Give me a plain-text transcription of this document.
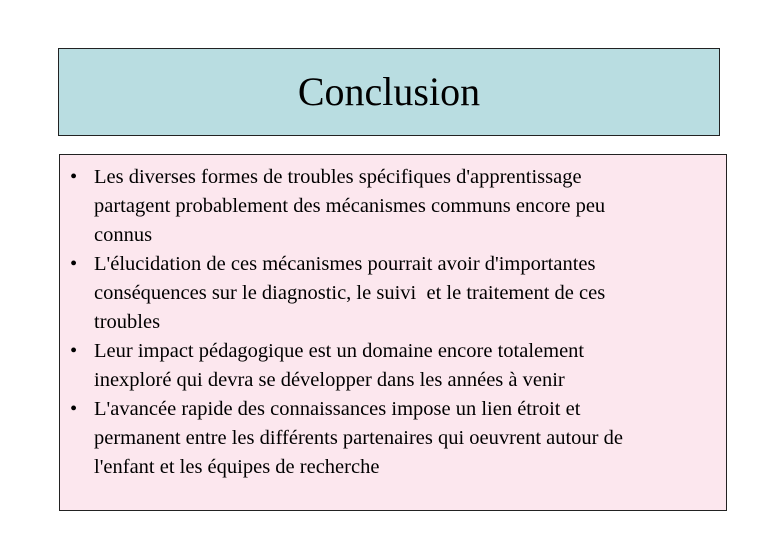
Conclusion
• Les diverses formes de troubles spécifiques d'apprentissage
partagent probablement des mécanismes communs encore peu
connus
• L'élucidation de ces mécanismes pourrait avoir d'importantes
conséquences sur le diagnostic, le suivi  et le traitement de ces
troubles
• Leur impact pédagogique est un domaine encore totalement
inexploré qui devra se développer dans les années à venir
• L'avancée rapide des connaissances impose un lien étroit et
permanent entre les différents partenaires qui oeuvrent autour de
l'enfant et les équipes de recherche
